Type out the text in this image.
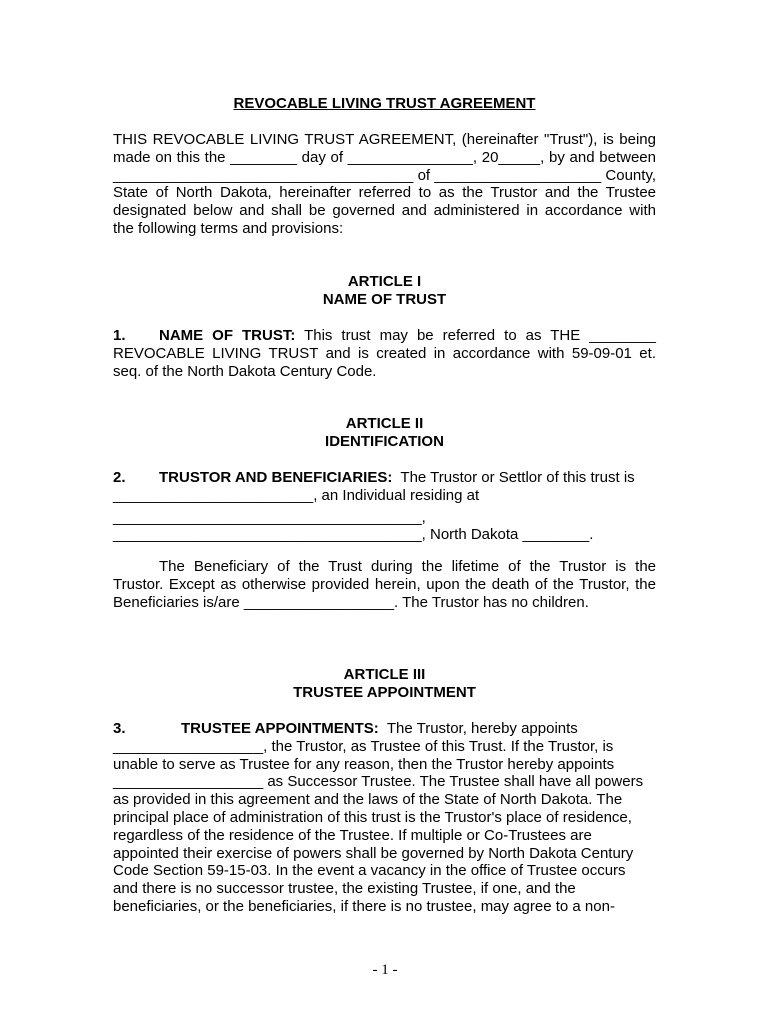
REVOCABLE LIVING TRUST AGREEMENT
THIS REVOCABLE LIVING TRUST AGREEMENT, (hereinafter "Trust"), is being
made on this the ________ day of _______________, 20_____, by and between
____________________________________ of ____________________ County,
State of North Dakota, hereinafter referred to as the Trustor and the Trustee
designated below and shall be governed and administered in accordance with
the following terms and provisions:
ARTICLE I
NAME OF TRUST
1. NAME OF TRUST: This trust may be referred to as THE ________
REVOCABLE LIVING TRUST and is created in accordance with 59-09-01 et.
seq. of the North Dakota Century Code.
ARTICLE II
IDENTIFICATION
2. TRUSTOR AND BENEFICIARIES:  The Trustor or Settlor of this trust is
________________________, an Individual residing at
_____________________________________,
_____________________________________, North Dakota ________.
The Beneficiary of the Trust during the lifetime of the Trustor is the
Trustor. Except as otherwise provided herein, upon the death of the Trustor, the
Beneficiaries is/are __________________. The Trustor has no children.
ARTICLE III
TRUSTEE APPOINTMENT
3.	TRUSTEE APPOINTMENTS:  The Trustor, hereby appoints
__________________, the Trustor, as Trustee of this Trust. If the Trustor, is
unable to serve as Trustee for any reason, then the Trustor hereby appoints
__________________ as Successor Trustee. The Trustee shall have all powers
as provided in this agreement and the laws of the State of North Dakota. The
principal place of administration of this trust is the Trustor's place of residence,
regardless of the residence of the Trustee. If multiple or Co-Trustees are
appointed their exercise of powers shall be governed by North Dakota Century
Code Section 59-15-03. In the event a vacancy in the office of Trustee occurs
and there is no successor trustee, the existing Trustee, if one, and the
beneficiaries, or the beneficiaries, if there is no trustee, may agree to a non-
- 1 -
